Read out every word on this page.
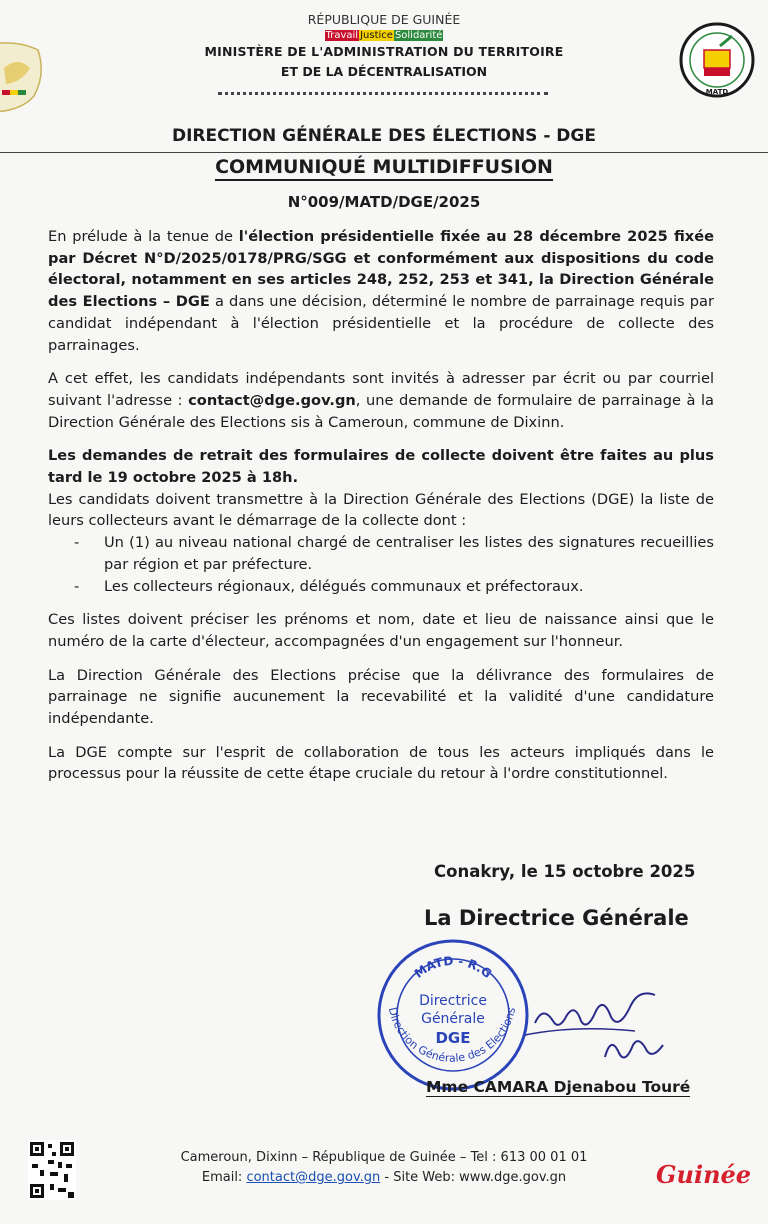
MATD
RÉPUBLIQUE DE GUINÉE
Travail Justice Solidarité
MINISTÈRE DE L'ADMINISTRATION DU TERRITOIRE
ET DE LA DÉCENTRALISATION
DIRECTION GÉNÉRALE DES ÉLECTIONS - DGE
COMMUNIQUÉ MULTIDIFFUSION
N°009/MATD/DGE/2025

En prélude à la tenue de l'élection présidentielle fixée au 28 décembre 2025 fixée par Décret N°D/2025/0178/PRG/SGG et conformément aux dispositions du code électoral, notamment en ses articles 248, 252, 253 et 341, la Direction Générale des Elections – DGE a dans une décision, déterminé le nombre de parrainage requis par candidat indépendant à l'élection présidentielle et la procédure de collecte des parrainages.

A cet effet, les candidats indépendants sont invités à adresser par écrit ou par courriel suivant l'adresse : contact@dge.gov.gn, une demande de formulaire de parrainage à la Direction Générale des Elections sis à Cameroun, commune de Dixinn.

Les demandes de retrait des formulaires de collecte doivent être faites au plus tard le 19 octobre 2025 à 18h.

Les candidats doivent transmettre à la Direction Générale des Elections (DGE) la liste de leurs collecteurs avant le démarrage de la collecte dont :

- Un (1) au niveau national chargé de centraliser les listes des signatures recueillies par région et par préfecture.
- Les collecteurs régionaux, délégués communaux et préfectoraux.

Ces listes doivent préciser les prénoms et nom, date et lieu de naissance ainsi que le numéro de la carte d'électeur, accompagnées d'un engagement sur l'honneur.

La Direction Générale des Elections précise que la délivrance des formulaires de parrainage ne signifie aucunement la recevabilité et la validité d'une candidature indépendante.

La DGE compte sur l'esprit de collaboration de tous les acteurs impliqués dans le processus pour la réussite de cette étape cruciale du retour à l'ordre constitutionnel.

Conakry, le 15 octobre 2025
La Directrice Générale
MATD - R.G
Directrice
Générale
DGE
Direction Générale des Elections
Mme CAMARA Djenabou Touré
Cameroun, Dixinn – République de Guinée – Tel : 613 00 01 01
Email: contact@dge.gov.gn - Site Web: www.dge.gov.gn	Guinée
